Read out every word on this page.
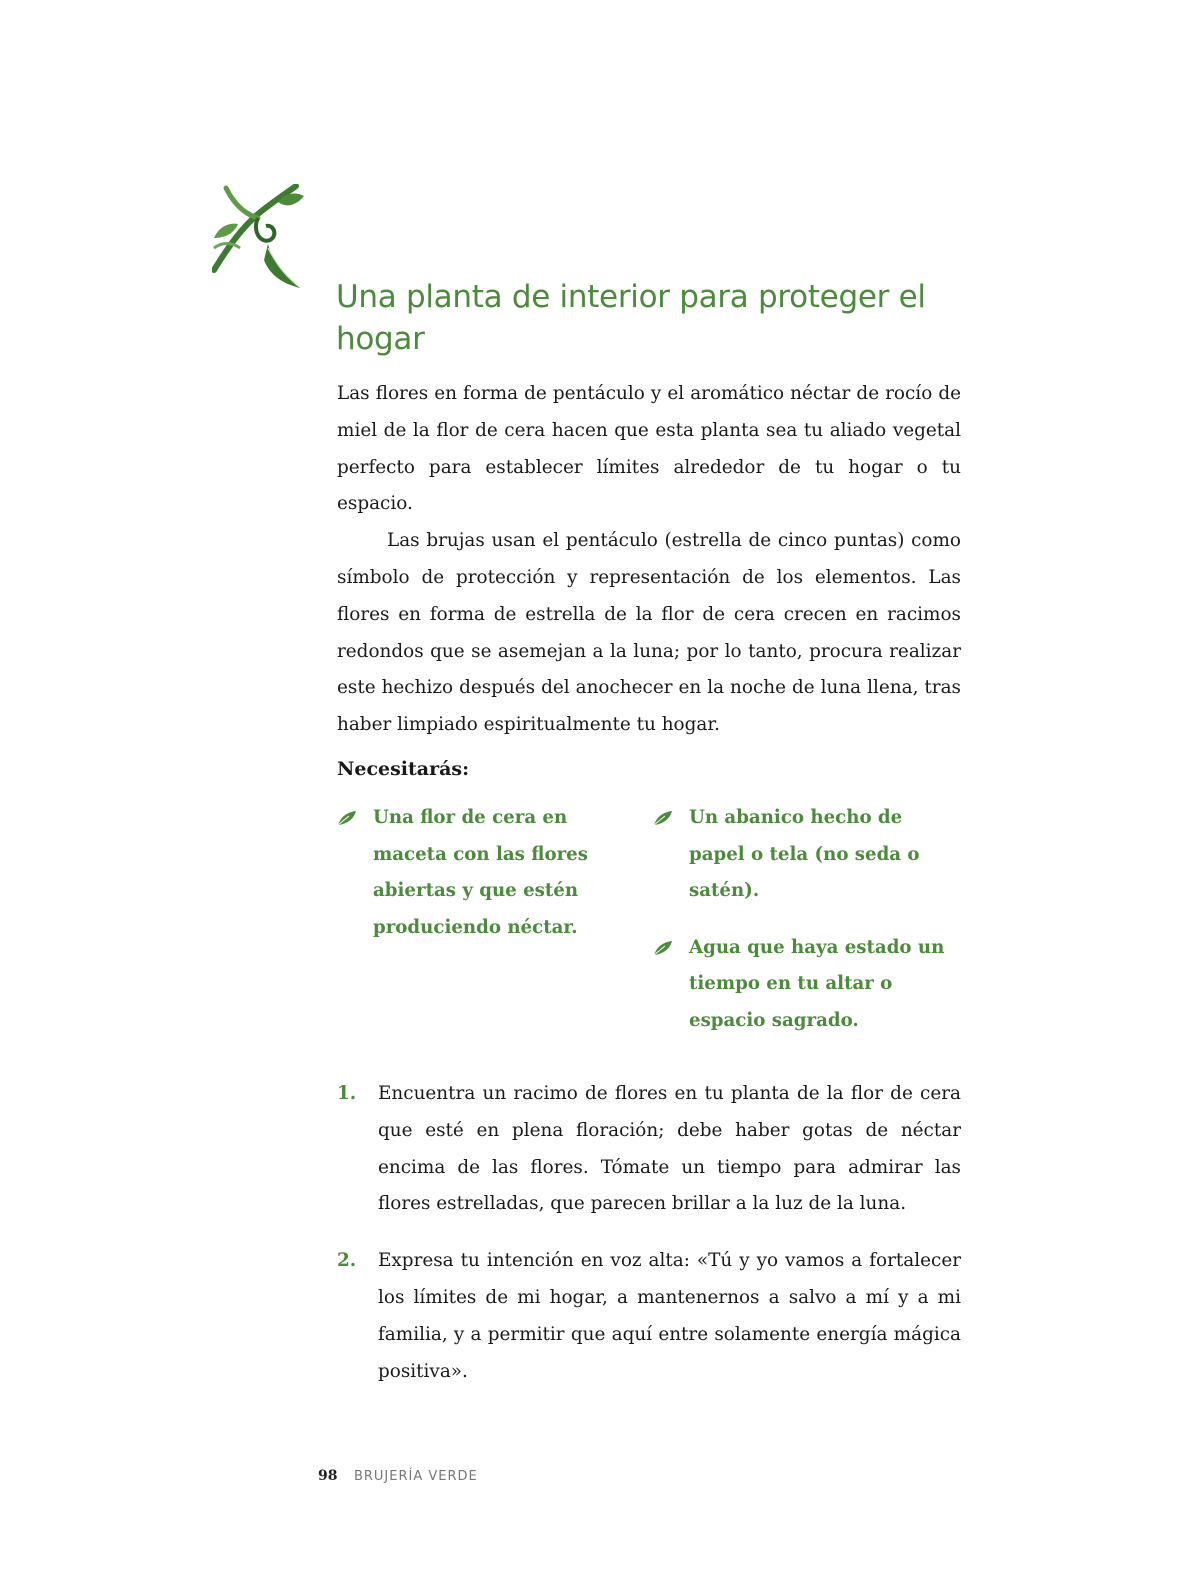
Una planta de interior para proteger el hogar

Las flores en forma de pentáculo y el aromático néctar de rocío de miel de la flor de cera hacen que esta planta sea tu aliado vegetal perfecto para establecer límites alrededor de tu hogar o tu espacio.

Las brujas usan el pentáculo (estrella de cinco puntas) como símbolo de protección y representación de los elementos. Las flores en forma de estrella de la flor de cera crecen en racimos redondos que se asemejan a la luna; por lo tanto, procura realizar este hechizo después del anochecer en la noche de luna llena, tras haber limpiado espiritualmente tu hogar.

Necesitarás:
Una flor de cera en maceta con las flores abiertas y que estén produciendo néctar.
Un abanico hecho de papel o tela (no seda o satén).
Agua que haya estado un tiempo en tu altar o espacio sagrado.
1. Encuentra un racimo de flores en tu planta de la flor de cera que esté en plena floración; debe haber gotas de néctar encima de las flores. Tómate un tiempo para admirar las flores estrelladas, que parecen brillar a la luz de la luna.
2. Expresa tu intención en voz alta: «Tú y yo vamos a fortalecer los límites de mi hogar, a mantenernos a salvo a mí y a mi familia, y a permitir que aquí entre solamente energía mágica positiva».
98 BRUJERÍA VERDE
